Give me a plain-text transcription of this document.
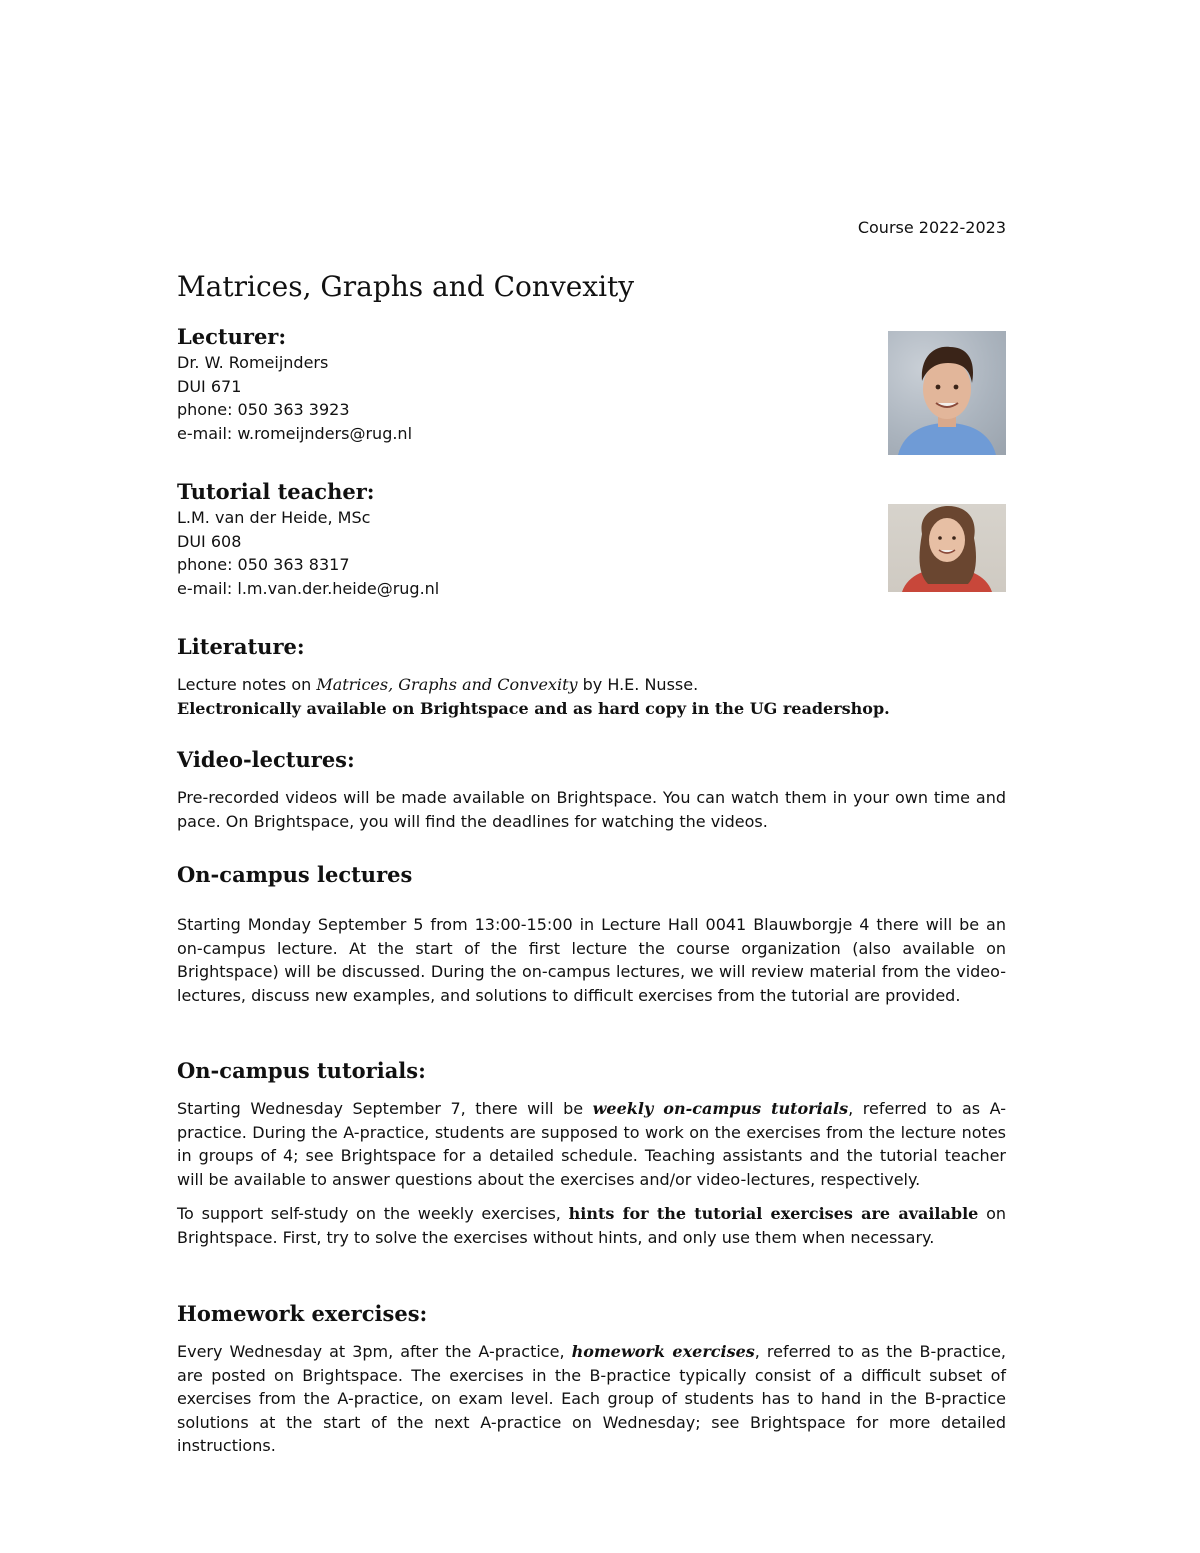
Course 2022-2023
Matrices, Graphs and Convexity
Lecturer:
Dr. W. Romeijnders
DUI 671
phone: 050 363 3923
e-mail: w.romeijnders@rug.nl
Tutorial teacher:
L.M. van der Heide, MSc
DUI 608
phone: 050 363 8317
e-mail: l.m.van.der.heide@rug.nl
Literature:
Lecture notes on Matrices, Graphs and Convexity by H.E. Nusse.
Electronically available on Brightspace and as hard copy in the UG readershop.
Video-lectures:

Pre-recorded videos will be made available on Brightspace. You can watch them in your own time and pace. On Brightspace, you will find the deadlines for watching the videos.

On-campus lectures

Starting Monday September 5 from 13:00-15:00 in Lecture Hall 0041 Blauwborgje 4 there will be an on-campus lecture. At the start of the first lecture the course organization (also available on Brightspace) will be discussed. During the on-campus lectures, we will review material from the video-lectures, discuss new examples, and solutions to difficult exercises from the tutorial are provided.

On-campus tutorials:

Starting Wednesday September 7, there will be weekly on-campus tutorials, referred to as A-practice. During the A-practice, students are supposed to work on the exercises from the lecture notes in groups of 4; see Brightspace for a detailed schedule. Teaching assistants and the tutorial teacher will be available to answer questions about the exercises and/or video-lectures, respectively.

To support self-study on the weekly exercises, hints for the tutorial exercises are available on Brightspace. First, try to solve the exercises without hints, and only use them when necessary.

Homework exercises:

Every Wednesday at 3pm, after the A-practice, homework exercises, referred to as the B-practice, are posted on Brightspace. The exercises in the B-practice typically consist of a difficult subset of exercises from the A-practice, on exam level. Each group of students has to hand in the B-practice solutions at the start of the next A-practice on Wednesday; see Brightspace for more detailed instructions.
